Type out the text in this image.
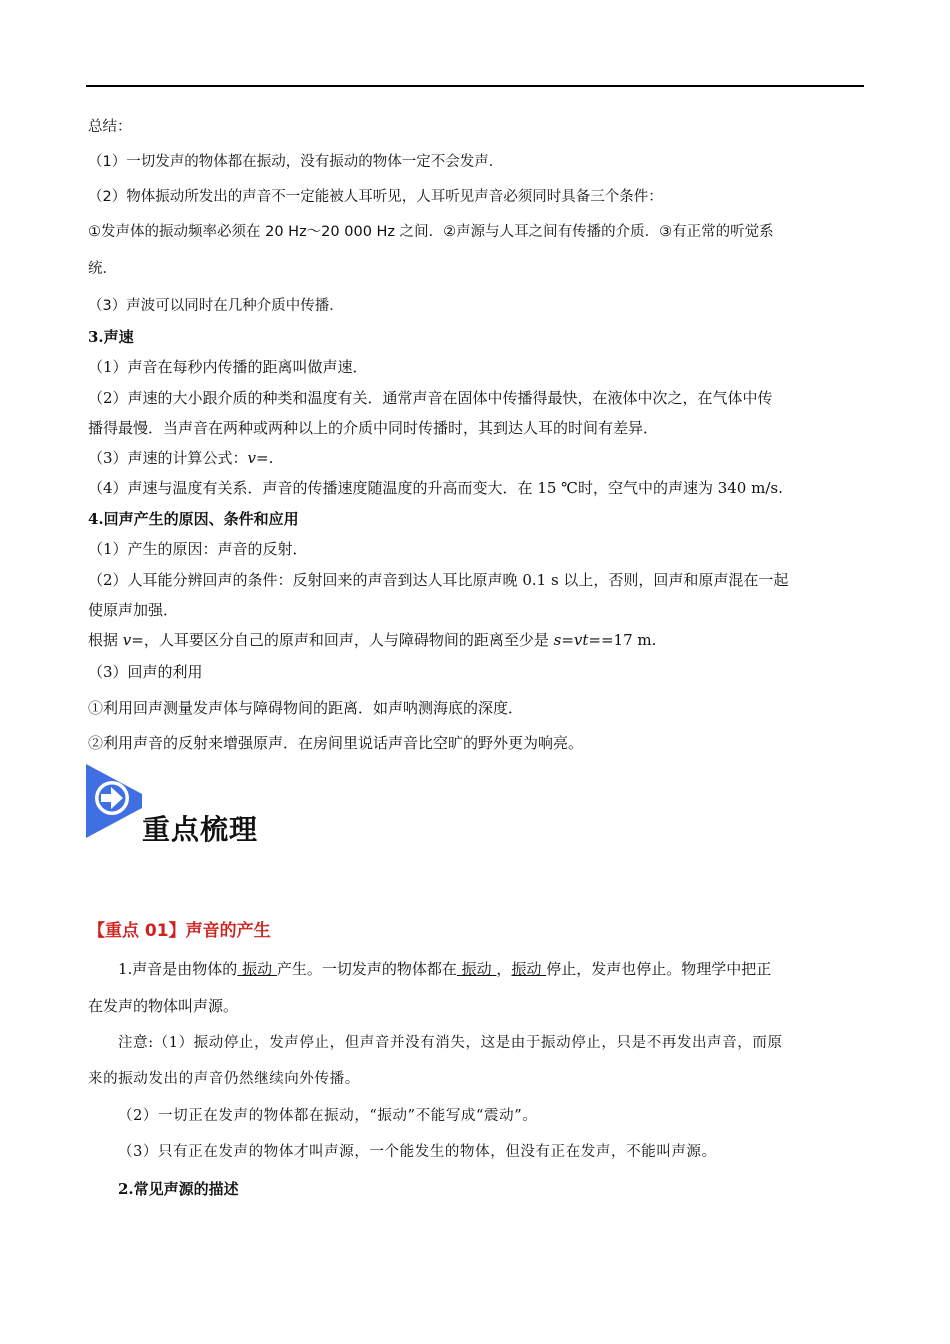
总结：
（1）一切发声的物体都在振动，没有振动的物体一定不会发声．
（2）物体振动所发出的声音不一定能被人耳听见，人耳听见声音必须同时具备三个条件：
①发声体的振动频率必须在 20 Hz～20 000 Hz 之间．②声源与人耳之间有传播的介质．③有正常的听觉系
统．
（3）声波可以同时在几种介质中传播．
3.声速
（1）声音在每秒内传播的距离叫做声速．
（2）声速的大小跟介质的种类和温度有关．通常声音在固体中传播得最快，在液体中次之，在气体中传
播得最慢．当声音在两种或两种以上的介质中同时传播时，其到达人耳的时间有差异．
（3）声速的计算公式：v=.
（4）声速与温度有关系．声音的传播速度随温度的升高而变大．在 15 ℃时，空气中的声速为 340 m/s.
4.回声产生的原因、条件和应用
（1）产生的原因：声音的反射．
（2）人耳能分辨回声的条件：反射回来的声音到达人耳比原声晚 0.1 s 以上，否则，回声和原声混在一起
使原声加强．
根据 v=，人耳要区分自己的原声和回声，人与障碍物间的距离至少是 s=vt==17 m.
（3）回声的利用
①利用回声测量发声体与障碍物间的距离．如声呐测海底的深度．
②利用声音的反射来增强原声．在房间里说话声音比空旷的野外更为响亮。
重点梳理
【重点 01】声音的产生
1.声音是由物体的 振动 产生。一切发声的物体都在 振动 ，振动 停止，发声也停止。物理学中把正
在发声的物体叫声源。
注意:（1）振动停止，发声停止，但声音并没有消失，这是由于振动停止，只是不再发出声音，而原
来的振动发出的声音仍然继续向外传播。
（2）一切正在发声的物体都在振动，“振动”不能写成“震动”。
（3）只有正在发声的物体才叫声源，一个能发生的物体，但没有正在发声，不能叫声源。
2.常见声源的描述
